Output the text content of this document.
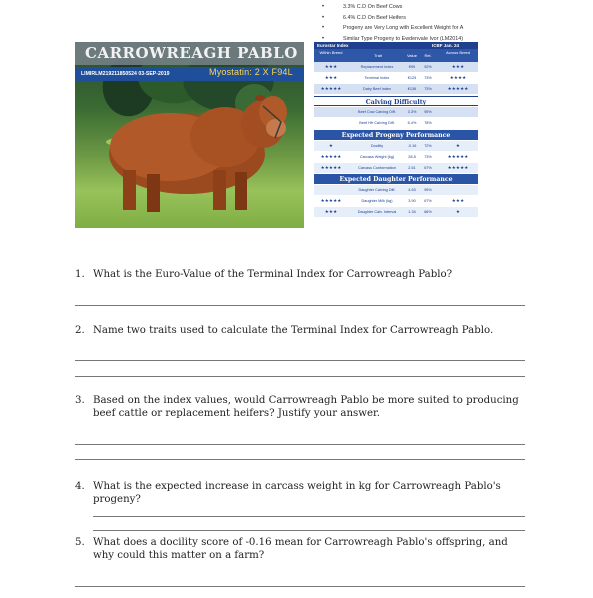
• 3.3% C.D On Beef Cows
• 6.4% C.D On Beef Heifers
• Progeny are Very Long with Excellent Weight for A
• Similar Type Progeny to Ewdenvale Ivor (LM2014)
CARROWREAGH PABLO
LIMIRLM219211850524 03-SEP-2019	Myostatin: 2 X F94L
Eurostar Index	ICBF Jan. 24
Within Breed
Trait	Value	Rel.
Across Breed
★★★	Replacement Index	€99	92%	★★★
★★★	Terminal Index	€125	73%	★★★★
★★★★★	Dairy Beef Index	€136	73%	★★★★★
Calving Difficulty
Beef Cow Calving Diff.	3.3%	95%
Beef Hfr Calving Diff.	6.4%	78%
Expected Progeny Performance
★	Docility	-0.16	72%	★
★★★★★	Carcass Weight (kg)	28.8	73%	★★★★★
★★★★★	Carcass Conformation	2.61	67%	★★★★★
Expected Daughter Performance
Daughter Calving Diff.	4.63	95%
★★★★★	Daughter Milk (kg)	3.90	67%	★★★
★★★	Daughter Calv. Interval	1.34	66%	★
1. What is the Euro-Value of the Terminal Index for Carrowreagh Pablo?
2. Name two traits used to calculate the Terminal Index for Carrowreagh Pablo.
3. Based on the index values, would Carrowreagh Pablo be more suited to producing beef cattle or replacement heifers? Justify your answer.
4. What is the expected increase in carcass weight in kg for Carrowreagh Pablo's progeny?
5. What does a docility score of -0.16 mean for Carrowreagh Pablo's offspring, and why could this matter on a farm?
